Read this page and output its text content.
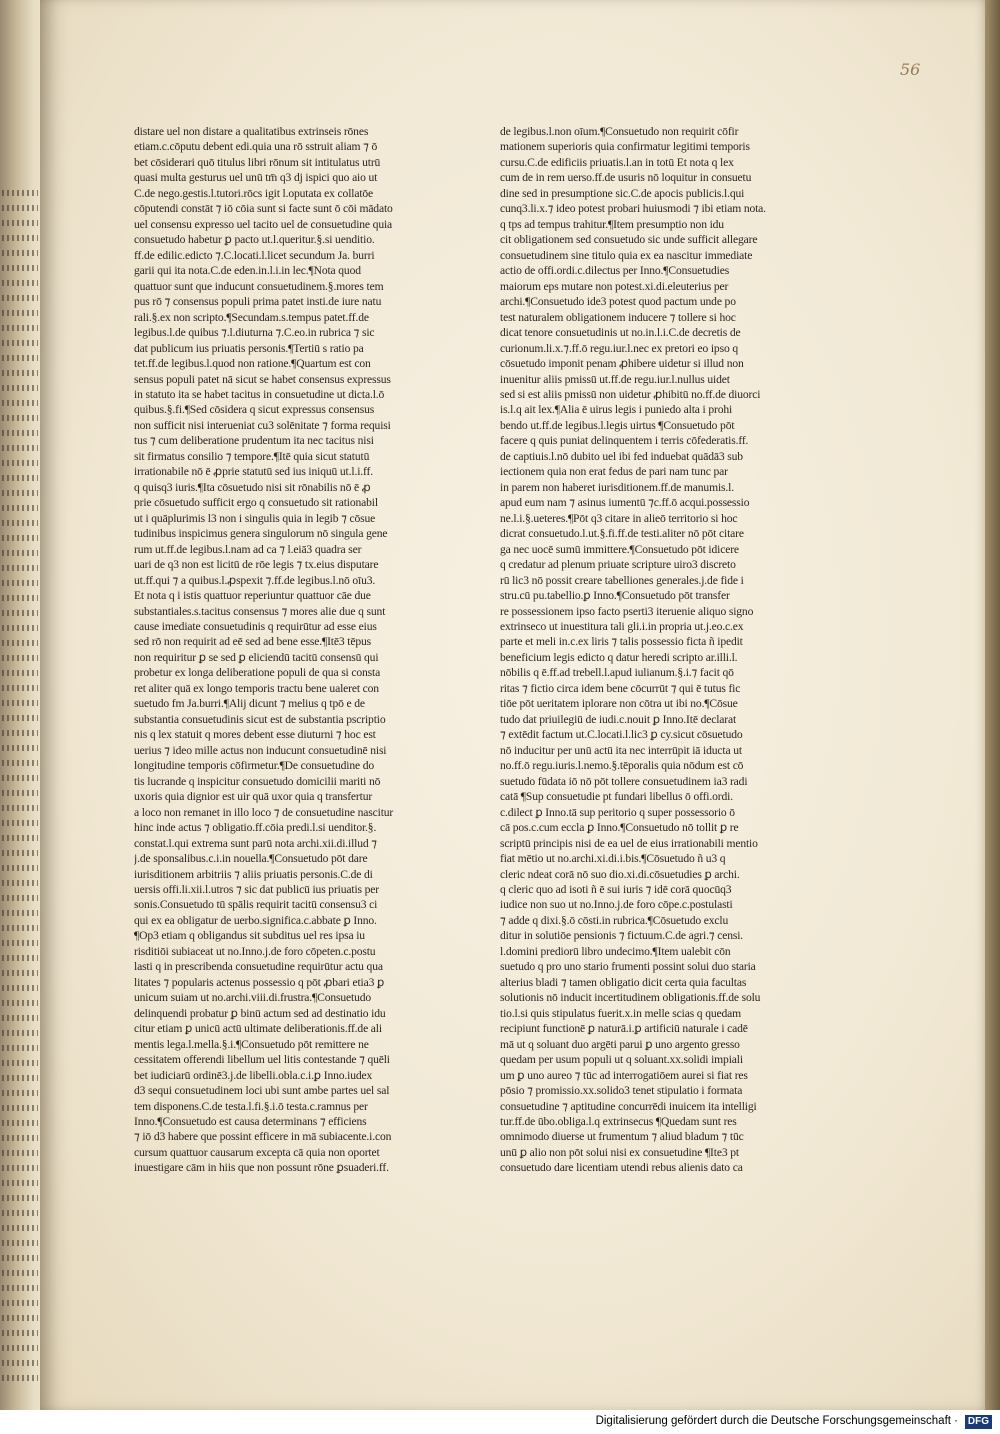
56
distare uel non distare a qualitatibus extrinseis rōnes
etiam.c.cōputu debent edi.quia una rō sstruit aliam ⁊ ō
bet cōsiderari quō titulus libri rōnum sit intitulatus utrū
quasi multa gesturus uel unū tm̄ q3 dj ispici quo aio ut
C.de nego.gestis.l.tutori.rōcs igit l.oputata ex collatōe
cōputendi constāt ⁊ iō cōia sunt si facte sunt ō cōi mādato
uel consensu expresso uel tacito uel de consuetudine quia
consuetudo habetur ꝑ pacto ut.l.queritur.§.si uenditio.
ff.de edilic.edicto ⁊.C.locati.l.licet secundum Ja. burri
garii qui ita nota.C.de eden.in.l.i.in lec.¶Nota quod
quattuor sunt que inducunt consuetudinem.§.mores tem
pus rō ⁊ consensus populi prima patet insti.de iure natu
rali.§.ex non scripto.¶Secundam.s.tempus patet.ff.de
legibus.l.de quibus ⁊.l.diuturna ⁊.C.eo.in rubrica ⁊ sic
dat publicum ius priuatis personis.¶Tertiū s ratio pa
tet.ff.de legibus.l.quod non ratione.¶Quartum est con
sensus populi patet nā sicut se habet consensus expressus
in statuto ita se habet tacitus in consuetudine ut dicta.l.ō
quibus.§.fi.¶Sed cōsidera q sicut expressus consensus
non sufficit nisi interueniat cu3 solēnitate ⁊ forma requisi
tus ⁊ cum deliberatione prudentum ita nec tacitus nisi
sit firmatus consilio ⁊ tempore.¶Itē quia sicut statutū
irrationabile nō ē ꝓprie statutū sed ius iniquū ut.l.i.ff.
q quisq3 iuris.¶Ita cōsuetudo nisi sit rōnabilis nō ē ꝓ
prie cōsuetudo sufficit ergo q consuetudo sit rationabil
ut i quāplurimis l3 non i singulis quia in legib ⁊ cōsue
tudinibus inspicimus genera singulorum nō singula gene
rum ut.ff.de legibus.l.nam ad ca ⁊ l.eiā3 quadra ser
uari de q3 non est licitū de rōe legis ⁊ tx.eius disputare
ut.ff.qui ⁊ a quibus.l.ꝓspexit ⁊.ff.de legibus.l.nō oīu3.
Et nota q i istis quattuor reperiuntur quattuor cāe due
substantiales.s.tacitus consensus ⁊ mores alie due q sunt
cause imediate consuetudinis q requirūtur ad esse eius
sed rō non requirit ad eē sed ad bene esse.¶Itē3 tēpus
non requiritur ꝑ se sed ꝑ eliciendū tacitū consensū qui
probetur ex longa deliberatione populi de qua si consta
ret aliter quā ex longo temporis tractu bene ualeret con
suetudo fm Ja.burri.¶Alij dicunt ⁊ melius q tpō e de
substantia consuetudinis sicut est de substantia pscriptio
nis q lex statuit q mores debent esse diuturni ⁊ hoc est
uerius ⁊ ideo mille actus non inducunt consuetudinē nisi
longitudine temporis cōfirmetur.¶De consuetudine do
tis lucrande q inspicitur consuetudo domicilii mariti nō
uxoris quia dignior est uir quā uxor quia q transfertur
a loco non remanet in illo loco ⁊ de consuetudine nascitur
hinc inde actus ⁊ obligatio.ff.cōia predi.l.si uenditor.§.
constat.l.qui extrema sunt parū nota archi.xii.di.illud ⁊
j.de sponsalibus.c.i.in nouella.¶Consuetudo pōt dare
iurisditionem arbitriis ⁊ aliis priuatis personis.C.de di
uersis offi.li.xii.l.utros ⁊ sic dat publicū ius priuatis per
sonis.Consuetudo tū spālis requirit tacitū consensu3 ci
qui ex ea obligatur de uerbo.significa.c.abbate ꝑ Inno.
¶Op3 etiam q obligandus sit subditus uel res ipsa iu
risditiōi subiaceat ut no.Inno.j.de foro cōpeten.c.postu
lasti q in prescribenda consuetudine requirūtur actu qua
litates ⁊ popularis actenus possessio q pōt ꝓbari etia3 ꝑ
unicum suiam ut no.archi.viii.di.frustra.¶Consuetudo
delinquendi probatur ꝑ binū actum sed ad destinatio idu
citur etiam ꝑ unicū actū ultimate deliberationis.ff.de ali
mentis lega.l.mella.§.i.¶Consuetudo pōt remittere ne
cessitatem offerendi libellum uel litis contestande ⁊ quēli
bet iudiciarū ordinē3.j.de libelli.obla.c.i.ꝑ Inno.iudex
d3 sequi consuetudinem loci ubi sunt ambe partes uel sal
tem disponens.C.de testa.l.fi.§.i.ō testa.c.ramnus per
Inno.¶Consuetudo est causa determinans ⁊ efficiens
⁊ iō d3 habere que possint efficere in mā subiacente.i.con
cursum quattuor causarum excepta cā quia non oportet
inuestigare cām in hiis que non possunt rōne ꝑsuaderi.ff.
de legibus.l.non oīum.¶Consuetudo non requirit cōfir
mationem superioris quia confirmatur legitimi temporis
cursu.C.de edificiis priuatis.l.an in totū Et nota q lex
cum de in rem uerso.ff.de usuris nō loquitur in consuetu
dine sed in presumptione sic.C.de apocis publicis.l.qui
cunq3.li.x.⁊ ideo potest probari huiusmodi ⁊ ibi etiam nota.
q tps ad tempus trahitur.¶Item presumptio non idu
cit obligationem sed consuetudo sic unde sufficit allegare
consuetudinem sine titulo quia ex ea nascitur immediate
actio de offi.ordi.c.dilectus per Inno.¶Consuetudies
maiorum eps mutare non potest.xi.di.eleuterius per
archi.¶Consuetudo ide3 potest quod pactum unde po
test naturalem obligationem inducere ⁊ tollere si hoc
dicat tenore consuetudinis ut no.in.l.i.C.de decretis de
curionum.li.x.⁊.ff.ō regu.iur.l.nec ex pretori eo ipso q
cōsuetudo imponit penam ꝓhibere uidetur si illud non
inuenitur aliis pmissū ut.ff.de regu.iur.l.nullus uidet
sed si est aliis pmissū non uidetur ꝓhibitū no.ff.de diuorci
is.l.q ait lex.¶Alia ē uirus legis i puniedo alta i prohi
bendo ut.ff.de legibus.l.legis uirtus ¶Consuetudo pōt
facere q quis puniat delinquentem i terris cōfederatis.ff.
de captiuis.l.nō dubito uel ibi fed induebat quādā3 sub
iectionem quia non erat fedus de pari nam tunc par
in parem non haberet iurisditionem.ff.de manumis.l.
apud eum nam ⁊ asinus iumentū ⁊c.ff.ō acqui.possessio
ne.l.i.§.ueteres.¶Pōt q3 citare in alieō territorio si hoc
dicrat consuetudo.l.ut.§.fi.ff.de testi.aliter nō pōt citare
ga nec uocē sumū immittere.¶Consuetudo pōt idicere
q credatur ad plenum priuate scripture uiro3 discreto
rū lic3 nō possit creare tabelliones generales.j.de fide i
stru.cū pu.tabellio.ꝑ Inno.¶Consuetudo pōt transfer
re possessionem ipso facto pserti3 iteruenie aliquo signo
extrinseco ut inuestitura tali gli.i.in propria ut.j.eo.c.ex
parte et meli in.c.ex liris ⁊ talis possessio ficta ñ ipedit
beneficium legis edicto q datur heredi scripto ar.illi.l.
nōbilis q ē.ff.ad trebell.l.apud iulianum.§.i.⁊ facit qō
ritas ⁊ fictio circa idem bene cōcurrūt ⁊ qui ē tutus fic
tiōe pōt ueritatem iplorare non cōtra ut ibi no.¶Cōsue
tudo dat priuilegiū de iudi.c.nouit ꝑ Inno.Itē declarat
⁊ extēdit factum ut.C.locati.l.lic3 ꝑ cy.sicut cōsuetudo
nō inducitur per unū actū ita nec interrūpit iā iducta ut
no.ff.ō regu.iuris.l.nemo.§.tēporalis quia nōdum est cō
suetudo fūdata iō nō pōt tollere consuetudinem ia3 radi
catā ¶Sup consuetudie pt fundari libellus ō offi.ordi.
c.dilect ꝑ Inno.tā sup peritorio q super possessorio ō
cā pos.c.cum eccla ꝑ Inno.¶Consuetudo nō tollit ꝑ re
scriptū principis nisi de ea uel de eius irrationabili mentio
fiat mētio ut no.archi.xi.di.i.bis.¶Cōsuetudo ñ u3 q
cleric ndeat corā nō suo dio.xi.di.cōsuetudies ꝑ archi.
q cleric quo ad isoti ñ ē sui iuris ⁊ idē corā quocūq3
iudice non suo ut no.Inno.j.de foro cōpe.c.postulasti
⁊ adde q dixi.§.ō cōsti.in rubrica.¶Cōsuetudo exclu
ditur in solutiōe pensionis ⁊ fictuum.C.de agri.⁊ censi.
l.domini prediorū libro undecimo.¶Item ualebit cōn
suetudo q pro uno stario frumenti possint solui duo staria
alterius bladi ⁊ tamen obligatio dicit certa quia facultas
solutionis nō inducit incertitudinem obligationis.ff.de solu
tio.l.si quis stipulatus fuerit.x.in melle scias q quedam
recipiunt functionē ꝑ naturā.i.ꝑ artificiū naturale i cadē
mā ut q soluant duo argēti parui ꝑ uno argento gresso
quedam per usum populi ut q soluant.xx.solidi impiali
um ꝑ uno aureo ⁊ tūc ad interrogatiōem aurei si fiat res
pōsio ⁊ promissio.xx.solido3 tenet stipulatio i formata
consuetudine ⁊ aptitudine concurrēdi inuicem ita intelligi
tur.ff.de ūbo.obliga.l.q extrinsecus ¶Quedam sunt res
omnimodo diuerse ut frumentum ⁊ aliud bladum ⁊ tūc
unū ꝑ alio non pōt solui nisi ex consuetudine ¶Ite3 pt
consuetudo dare licentiam utendi rebus alienis dato ca
Digitalisierung gefördert durch die Deutsche Forschungsgemeinschaft · DFG
